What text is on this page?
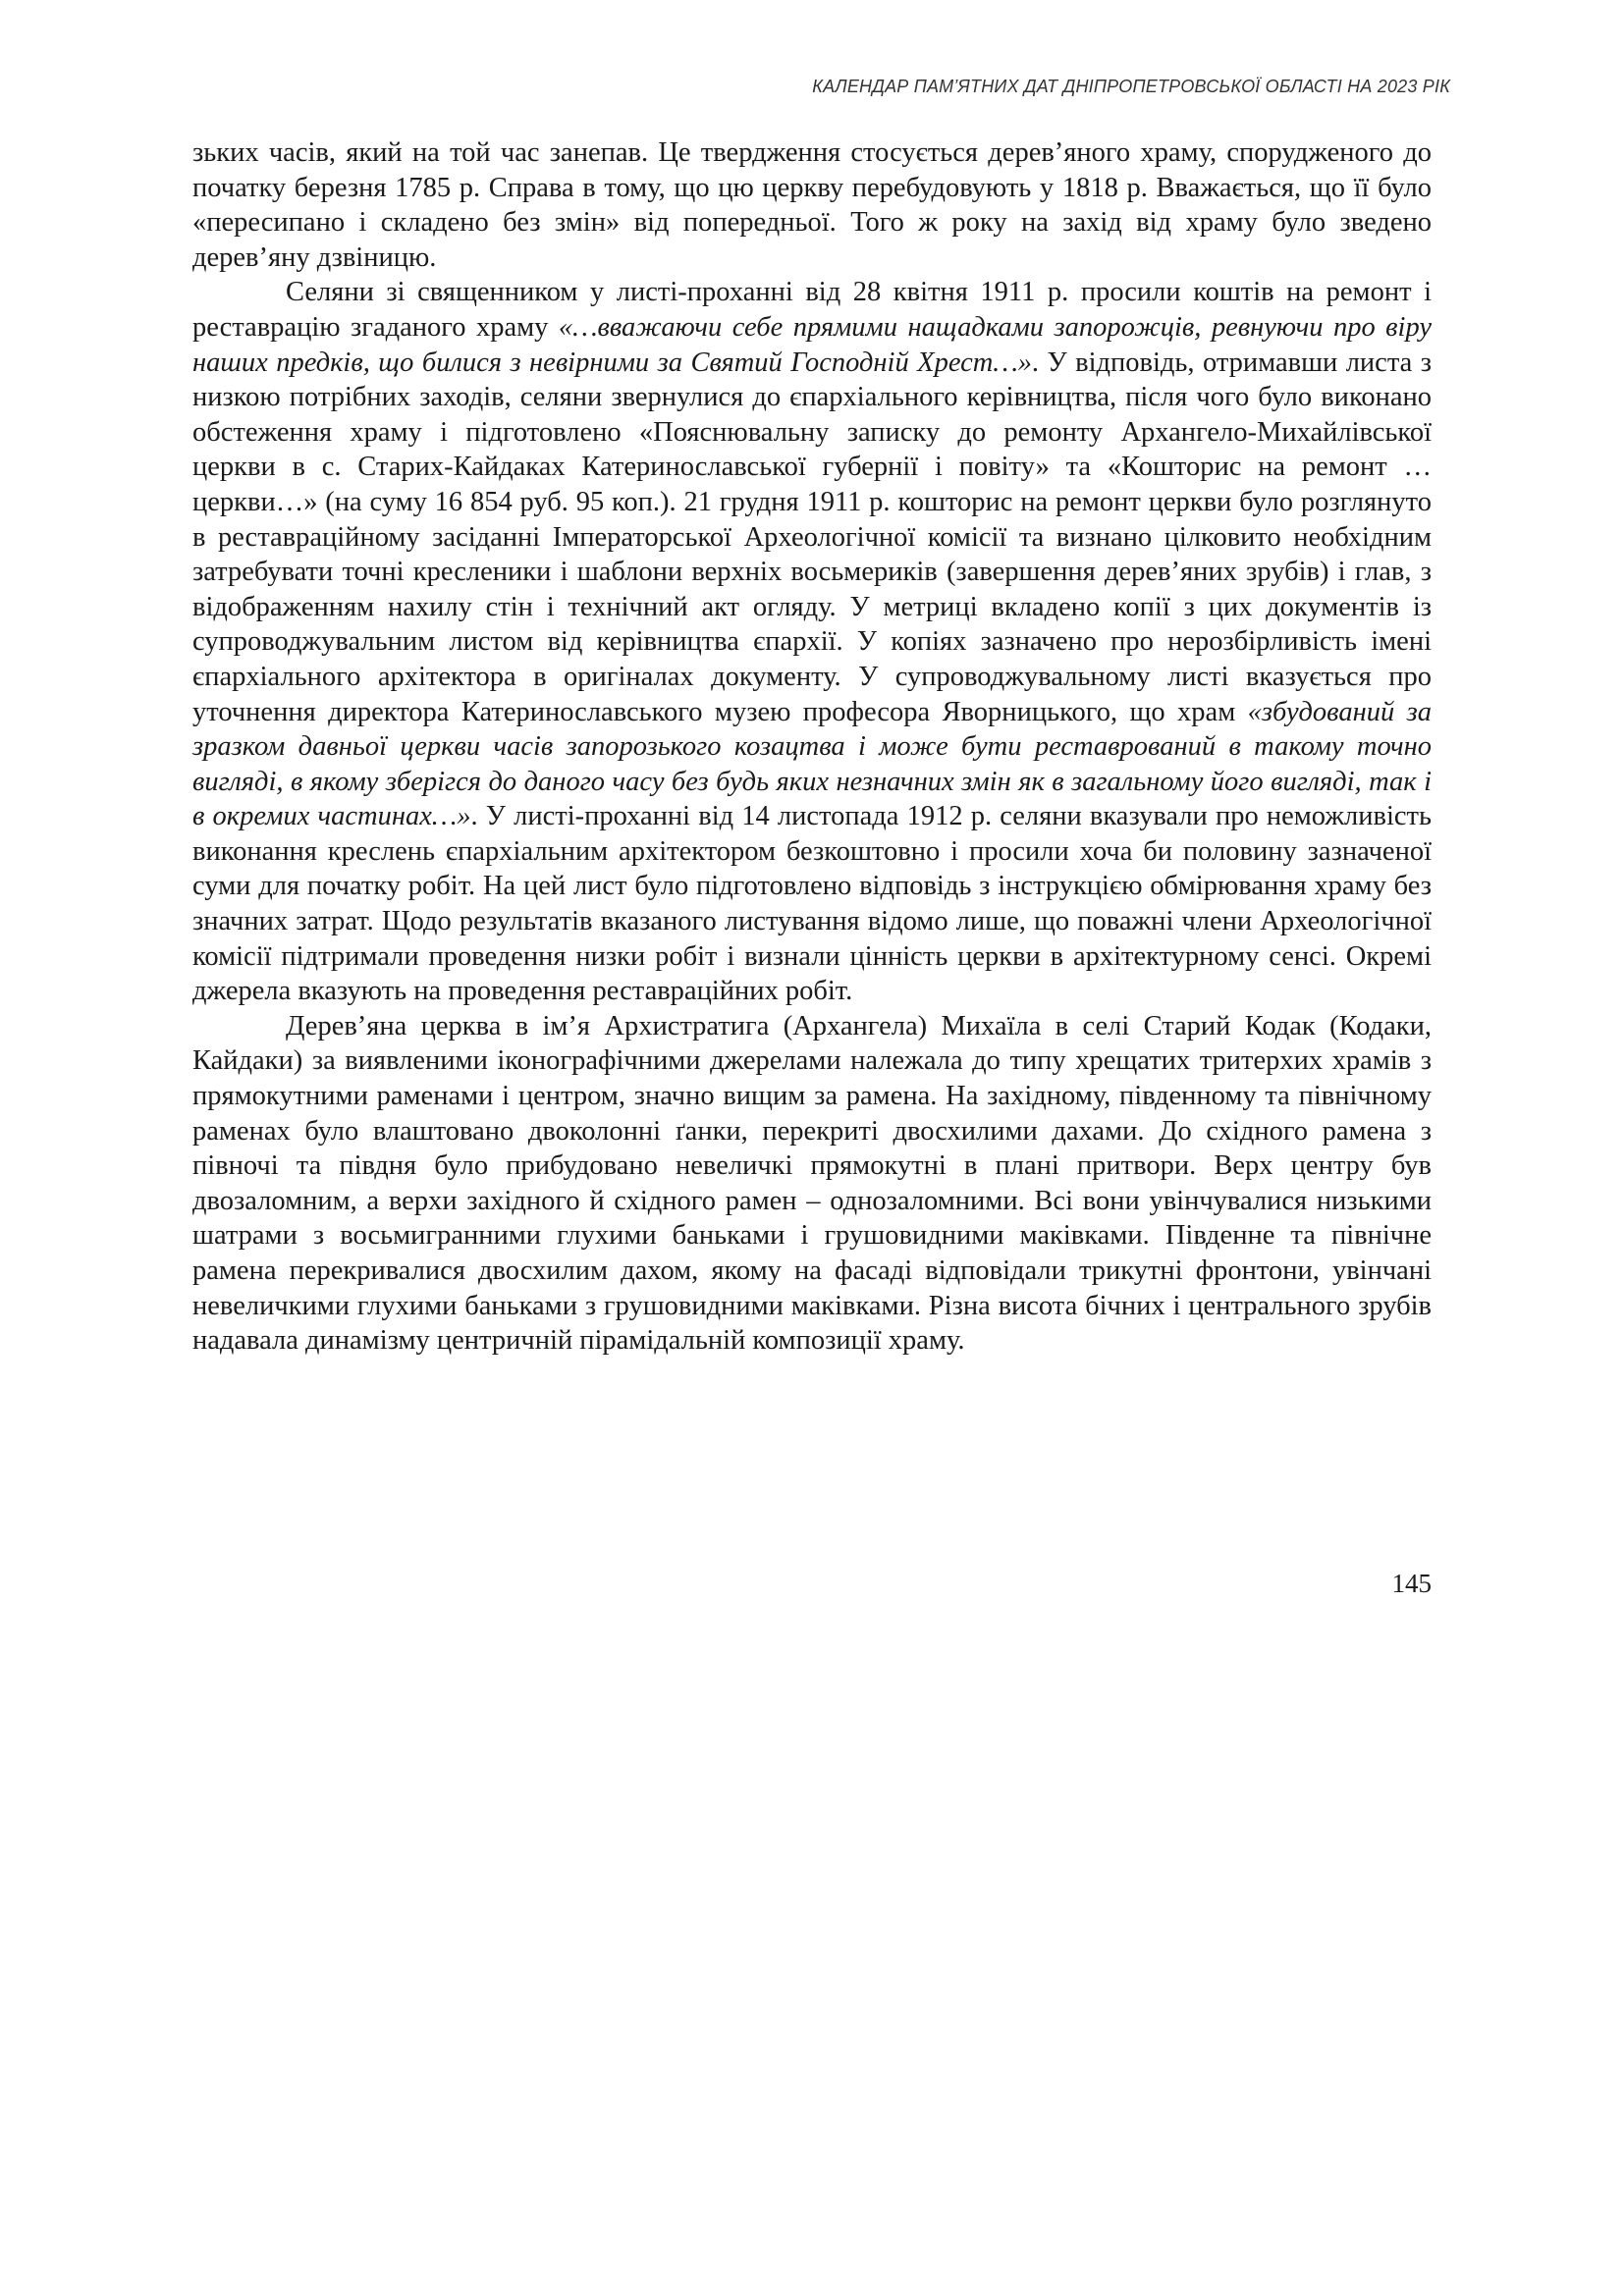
КАЛЕНДАР ПАМ’ЯТНИХ ДАТ ДНІПРОПЕТРОВСЬКОЇ ОБЛАСТІ НА 2023 РІК

зьких часів, який на той час занепав. Це твердження стосується дерев’яного храму, спорудженого до початку березня 1785 р. Справа в тому, що цю церкву перебудовують у 1818 р. Вважається, що її було «пересипано і складено без змін» від попередньої. Того ж року на захід від храму було зведено дерев’яну дзвіницю.

Селяни зі священником у листі-проханні від 28 квітня 1911 р. просили коштів на ремонт і реставрацію згаданого храму «…вважаючи себе прямими нащадками запорожців, ревнуючи про віру наших предків, що билися з невірними за Святий Господній Хрест…». У відповідь, отримавши листа з низкою потрібних заходів, селяни звернулися до єпархіального керівництва, після чого було виконано обстеження храму і підготовлено «Пояснювальну записку до ремонту Архангело-Михайлівської церкви в с. Старих-Кайдаках Катеринославської губернії і повіту» та «Кошторис на ремонт … церкви…» (на суму 16 854 руб. 95 коп.). 21 грудня 1911 р. кошторис на ремонт церкви було розглянуто в реставраційному засіданні Імператорської Археологічної комісії та визнано цілковито необхідним затребувати точні кресленики і шаблони верхніх восьмериків (завершення дерев’яних зрубів) і глав, з відображенням нахилу стін і технічний акт огляду. У метриці вкладено копії з цих документів із супроводжувальним листом від керівництва єпархії. У копіях зазначено про нерозбірливість імені єпархіального архітектора в оригіналах документу. У супроводжувальному листі вказується про уточнення директора Катеринославського музею професора Яворницького, що храм «збудований за зразком давньої церкви часів запорозького козацтва і може бути реставрований в такому точно вигляді, в якому зберігся до даного часу без будь яких незначних змін як в загальному його вигляді, так і в окремих частинах…». У листі-проханні від 14 листопада 1912 р. селяни вказували про неможливість виконання креслень єпархіальним архітектором безкоштовно і просили хоча би половину зазначеної суми для початку робіт. На цей лист було підготовлено відповідь з інструкцією обмірювання храму без значних затрат. Щодо результатів вказаного листування відомо лише, що поважні члени Археологічної комісії підтримали проведення низки робіт і визнали цінність церкви в архітектурному сенсі. Окремі джерела вказують на проведення реставраційних робіт.

Дерев’яна церква в ім’я Архистратига (Архангела) Михаїла в селі Старий Кодак (Кодаки, Кайдаки) за виявленими іконографічними джерелами належала до типу хрещатих тритерхих храмів з прямокутними раменами і центром, значно вищим за рамена. На західному, південному та північному раменах було влаштовано двоколонні ґанки, перекриті двосхилими дахами. До східного рамена з півночі та півдня було прибудовано невеличкі прямокутні в плані притвори. Верх центру був двозаломним, а верхи західного й східного рамен – однозаломними. Всі вони увінчувалися низькими шатрами з восьмигранними глухими баньками і грушовидними маківками. Південне та північне рамена перекривалися двосхилим дахом, якому на фасаді відповідали трикутні фронтони, увінчані невеличкими глухими баньками з грушовидними маківками. Різна висота бічних і центрального зрубів надавала динамізму центричній пірамідальній композиції храму.

145
